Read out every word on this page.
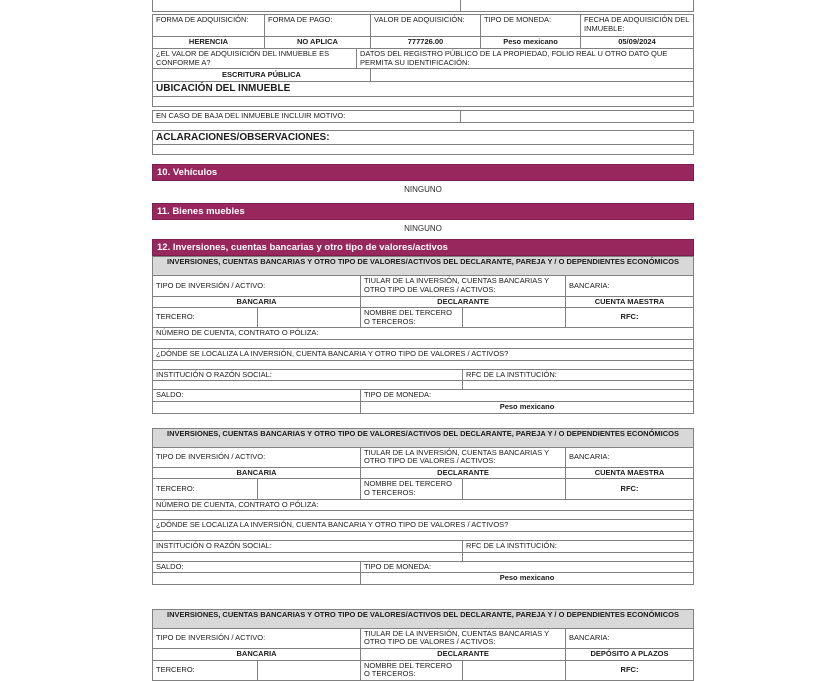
FORMA DE ADQUISICIÓN:	FORMA DE PAGO:	VALOR DE ADQUISICIÓN:	TIPO DE MONEDA:	FECHA DE ADQUISICIÓN DEL INMUEBLE:
HERENCIA	NO APLICA	777726.00	Peso mexicano	05/09/2024
¿EL VALOR DE ADQUISICIÓN DEL INMUEBLE ES CONFORME A?	DATOS DEL REGISTRO PÚBLICO DE LA PROPIEDAD, FOLIO REAL U OTRO DATO QUE PERMITA SU IDENTIFICACIÓN:
ESCRITURA PÚBLICA	
UBICACIÓN DEL INMUEBLE

EN CASO DE BAJA DEL INMUEBLE INCLUIR MOTIVO:	
ACLARACIONES/OBSERVACIONES:

10. Vehículos
NINGUNO
11. Bienes muebles
NINGUNO
12. Inversiones, cuentas bancarias y otro tipo de valores/activos
INVERSIONES, CUENTAS BANCARIAS Y OTRO TIPO DE VALORES/ACTIVOS DEL DECLARANTE, PAREJA Y / O DEPENDIENTES ECONÓMICOS
TIPO DE INVERSIÓN / ACTIVO:	TIULAR DE LA INVERSIÓN, CUENTAS BANCARIAS Y OTRO TIPO DE VALORES / ACTIVOS:	BANCARIA:
BANCARIA	DECLARANTE	CUENTA MAESTRA
TERCERO:		NOMBRE DEL TERCERO O TERCEROS:		RFC:
NÚMERO DE CUENTA, CONTRATO O PÓLIZA:

¿DÓNDE SE LOCALIZA LA INVERSIÓN, CUENTA BANCARIA Y OTRO TIPO DE VALORES / ACTIVOS?

INSTITUCIÓN O RAZÓN SOCIAL:	RFC DE LA INSTITUCIÓN:

SALDO:	TIPO DE MONEDA:
	Peso mexicano
INVERSIONES, CUENTAS BANCARIAS Y OTRO TIPO DE VALORES/ACTIVOS DEL DECLARANTE, PAREJA Y / O DEPENDIENTES ECONÓMICOS
TIPO DE INVERSIÓN / ACTIVO:	TIULAR DE LA INVERSIÓN, CUENTAS BANCARIAS Y OTRO TIPO DE VALORES / ACTIVOS:	BANCARIA:
BANCARIA	DECLARANTE	CUENTA MAESTRA
TERCERO:		NOMBRE DEL TERCERO O TERCEROS:		RFC:
NÚMERO DE CUENTA, CONTRATO O PÓLIZA:

¿DÓNDE SE LOCALIZA LA INVERSIÓN, CUENTA BANCARIA Y OTRO TIPO DE VALORES / ACTIVOS?

INSTITUCIÓN O RAZÓN SOCIAL:	RFC DE LA INSTITUCIÓN:

SALDO:	TIPO DE MONEDA:
	Peso mexicano
INVERSIONES, CUENTAS BANCARIAS Y OTRO TIPO DE VALORES/ACTIVOS DEL DECLARANTE, PAREJA Y / O DEPENDIENTES ECONÓMICOS
TIPO DE INVERSIÓN / ACTIVO:	TIULAR DE LA INVERSIÓN, CUENTAS BANCARIAS Y OTRO TIPO DE VALORES / ACTIVOS:	BANCARIA:
BANCARIA	DECLARANTE	DEPÓSITO A PLAZOS
TERCERO:		NOMBRE DEL TERCERO O TERCEROS:		RFC:
